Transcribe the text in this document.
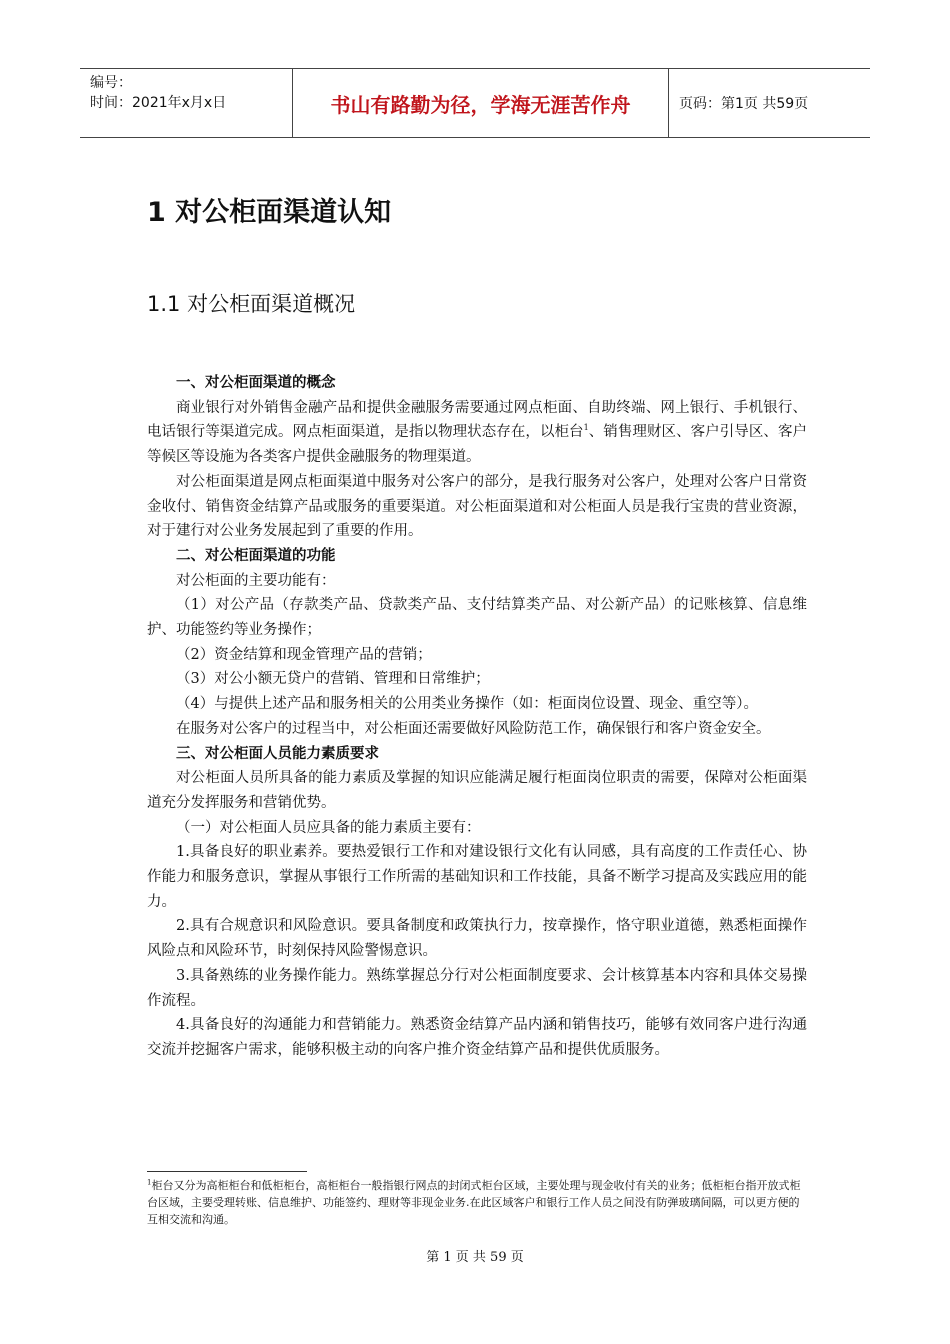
编号：
时间：2021年x月x日	书山有路勤为径，学海无涯苦作舟	页码：第1页 共59页
1 对公柜面渠道认知
1.1 对公柜面渠道概况

一、对公柜面渠道的概念

商业银行对外销售金融产品和提供金融服务需要通过网点柜面、自助终端、网上银行、手机银行、电话银行等渠道完成。网点柜面渠道，是指以物理状态存在，以柜台$^1$、销售理财区、客户引导区、客户等候区等设施为各类客户提供金融服务的物理渠道。

对公柜面渠道是网点柜面渠道中服务对公客户的部分，是我行服务对公客户，处理对公客户日常资金收付、销售资金结算产品或服务的重要渠道。对公柜面渠道和对公柜面人员是我行宝贵的营业资源，对于建行对公业务发展起到了重要的作用。

二、对公柜面渠道的功能

对公柜面的主要功能有：

（1）对公产品（存款类产品、贷款类产品、支付结算类产品、对公新产品）的记账核算、信息维护、功能签约等业务操作；

（2）资金结算和现金管理产品的营销；

（3）对公小额无贷户的营销、管理和日常维护；

（4）与提供上述产品和服务相关的公用类业务操作（如：柜面岗位设置、现金、重空等）。

在服务对公客户的过程当中，对公柜面还需要做好风险防范工作，确保银行和客户资金安全。

三、对公柜面人员能力素质要求

对公柜面人员所具备的能力素质及掌握的知识应能满足履行柜面岗位职责的需要，保障对公柜面渠道充分发挥服务和营销优势。

（一）对公柜面人员应具备的能力素质主要有：

1.具备良好的职业素养。要热爱银行工作和对建设银行文化有认同感，具有高度的工作责任心、协作能力和服务意识，掌握从事银行工作所需的基础知识和工作技能，具备不断学习提高及实践应用的能力。

2.具有合规意识和风险意识。要具备制度和政策执行力，按章操作，恪守职业道德，熟悉柜面操作风险点和风险环节，时刻保持风险警惕意识。

3.具备熟练的业务操作能力。熟练掌握总分行对公柜面制度要求、会计核算基本内容和具体交易操作流程。

4.具备良好的沟通能力和营销能力。熟悉资金结算产品内涵和销售技巧，能够有效同客户进行沟通交流并挖掘客户需求，能够积极主动的向客户推介资金结算产品和提供优质服务。

$^1$柜台又分为高柜柜台和低柜柜台，高柜柜台一般指银行网点的封闭式柜台区域，主要处理与现金收付有关的业务；低柜柜台指开放式柜台区域，主要受理转账、信息维护、功能签约、理财等非现金业务.在此区域客户和银行工作人员之间没有防弹玻璃间隔，可以更方便的互相交流和沟通。
第 1 页 共 59 页
